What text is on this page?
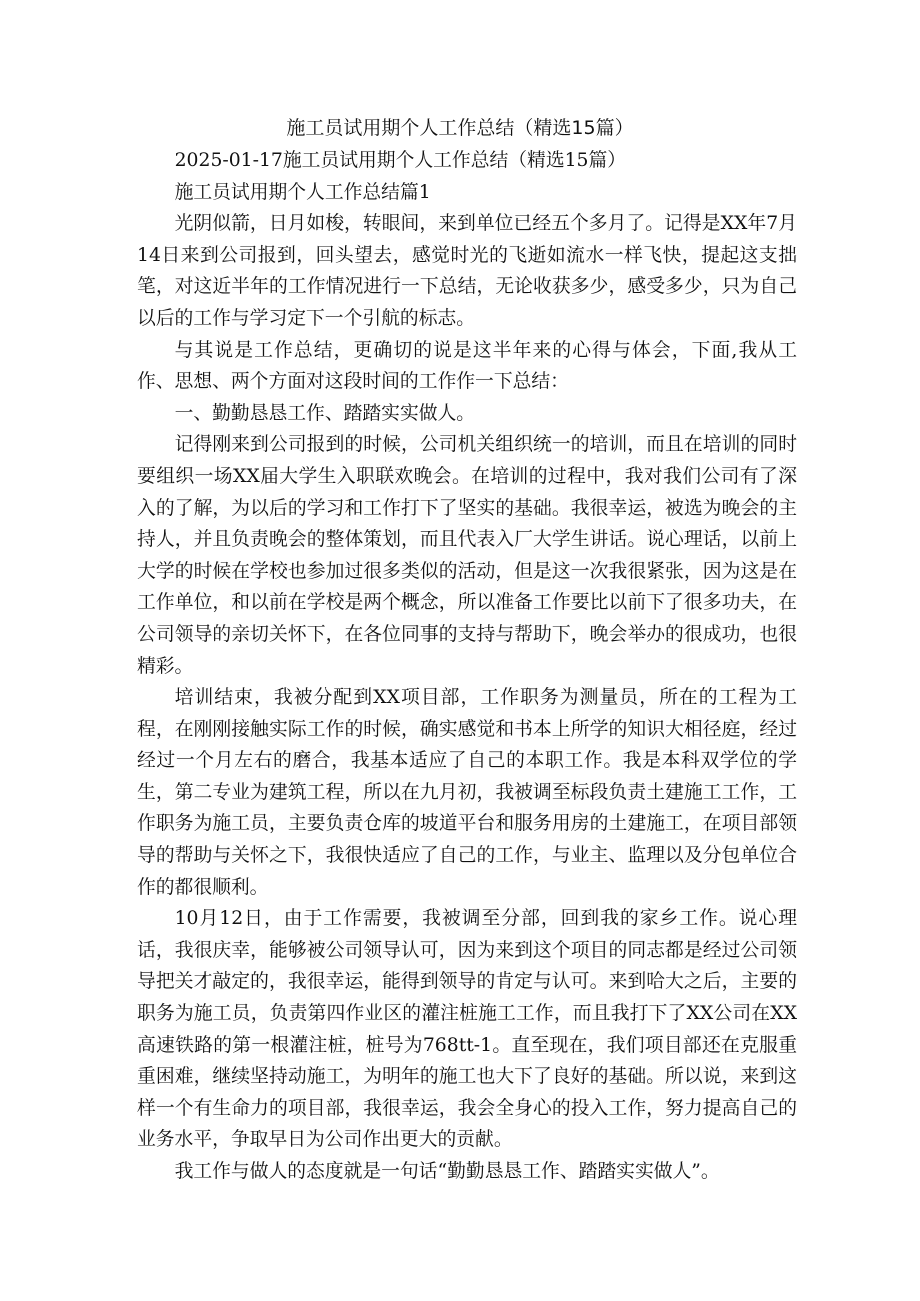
施工员试用期个人工作总结（精选15篇）

2025-01-17施工员试用期个人工作总结（精选15篇）

施工员试用期个人工作总结篇1

光阴似箭，日月如梭，转眼间，来到单位已经五个多月了。记得是XX年7月14日来到公司报到，回头望去，感觉时光的飞逝如流水一样飞快，提起这支拙笔，对这近半年的工作情况进行一下总结，无论收获多少，感受多少，只为自己以后的工作与学习定下一个引航的标志。

与其说是工作总结，更确切的说是这半年来的心得与体会，下面,我从工作、思想、两个方面对这段时间的工作作一下总结：

一、勤勤恳恳工作、踏踏实实做人。

记得刚来到公司报到的时候，公司机关组织统一的培训，而且在培训的同时要组织一场XX届大学生入职联欢晚会。在培训的过程中，我对我们公司有了深入的了解，为以后的学习和工作打下了坚实的基础。我很幸运，被选为晚会的主持人，并且负责晚会的整体策划，而且代表入厂大学生讲话。说心理话，以前上大学的时候在学校也参加过很多类似的活动，但是这一次我很紧张，因为这是在工作单位，和以前在学校是两个概念，所以准备工作要比以前下了很多功夫，在公司领导的亲切关怀下，在各位同事的支持与帮助下，晚会举办的很成功，也很精彩。

培训结束，我被分配到XX项目部，工作职务为测量员，所在的工程为工程，在刚刚接触实际工作的时候，确实感觉和书本上所学的知识大相径庭，经过经过一个月左右的磨合，我基本适应了自己的本职工作。我是本科双学位的学生，第二专业为建筑工程，所以在九月初，我被调至标段负责土建施工工作，工作职务为施工员，主要负责仓库的坡道平台和服务用房的土建施工，在项目部领导的帮助与关怀之下，我很快适应了自己的工作，与业主、监理以及分包单位合作的都很顺利。

10月12日，由于工作需要，我被调至分部，回到我的家乡工作。说心理话，我很庆幸，能够被公司领导认可，因为来到这个项目的同志都是经过公司领导把关才敲定的，我很幸运，能得到领导的肯定与认可。来到哈大之后，主要的职务为施工员，负责第四作业区的灌注桩施工工作，而且我打下了XX公司在XX高速铁路的第一根灌注桩，桩号为768tt-1。直至现在，我们项目部还在克服重重困难，继续坚持动施工，为明年的施工也大下了良好的基础。所以说，来到这样一个有生命力的项目部，我很幸运，我会全身心的投入工作，努力提高自己的业务水平，争取早日为公司作出更大的贡献。

我工作与做人的态度就是一句话“勤勤恳恳工作、踏踏实实做人”。
